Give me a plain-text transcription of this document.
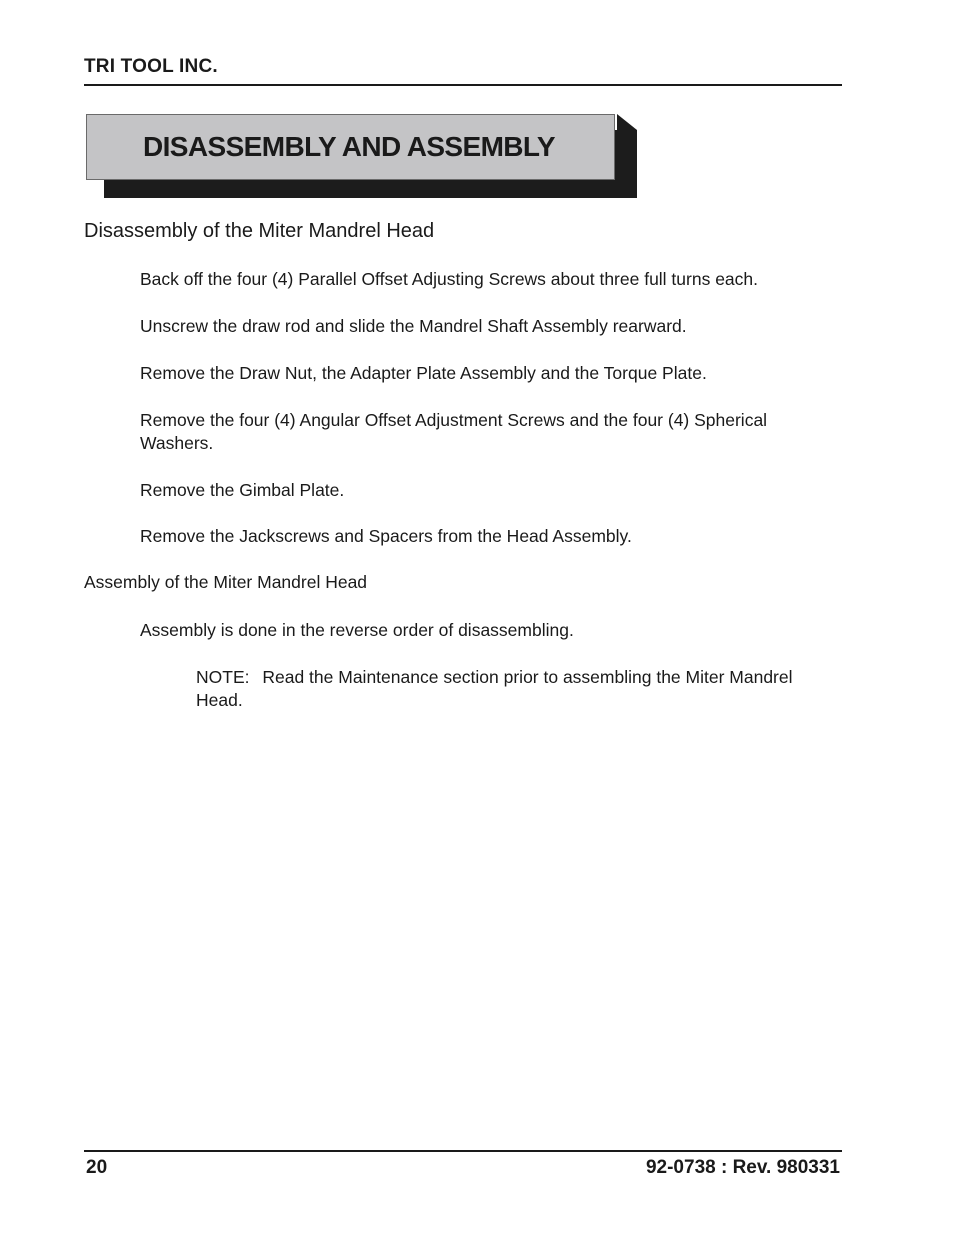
TRI TOOL INC.
DISASSEMBLY AND ASSEMBLY
Disassembly of the Miter Mandrel Head
Back off the four (4) Parallel Offset Adjusting Screws about three full turns each.
Unscrew the draw rod and slide the Mandrel Shaft Assembly rearward.
Remove the Draw Nut, the Adapter Plate Assembly and the Torque Plate.
Remove the four (4) Angular Offset Adjustment Screws and the four (4) Spherical Washers.
Remove the Gimbal Plate.
Remove the Jackscrews and Spacers from the Head Assembly.
Assembly of the Miter Mandrel Head
Assembly is done in the reverse order of disassembling.
NOTE: Read the Maintenance section prior to assembling the Miter Mandrel Head.
20	92-0738 : Rev. 980331
